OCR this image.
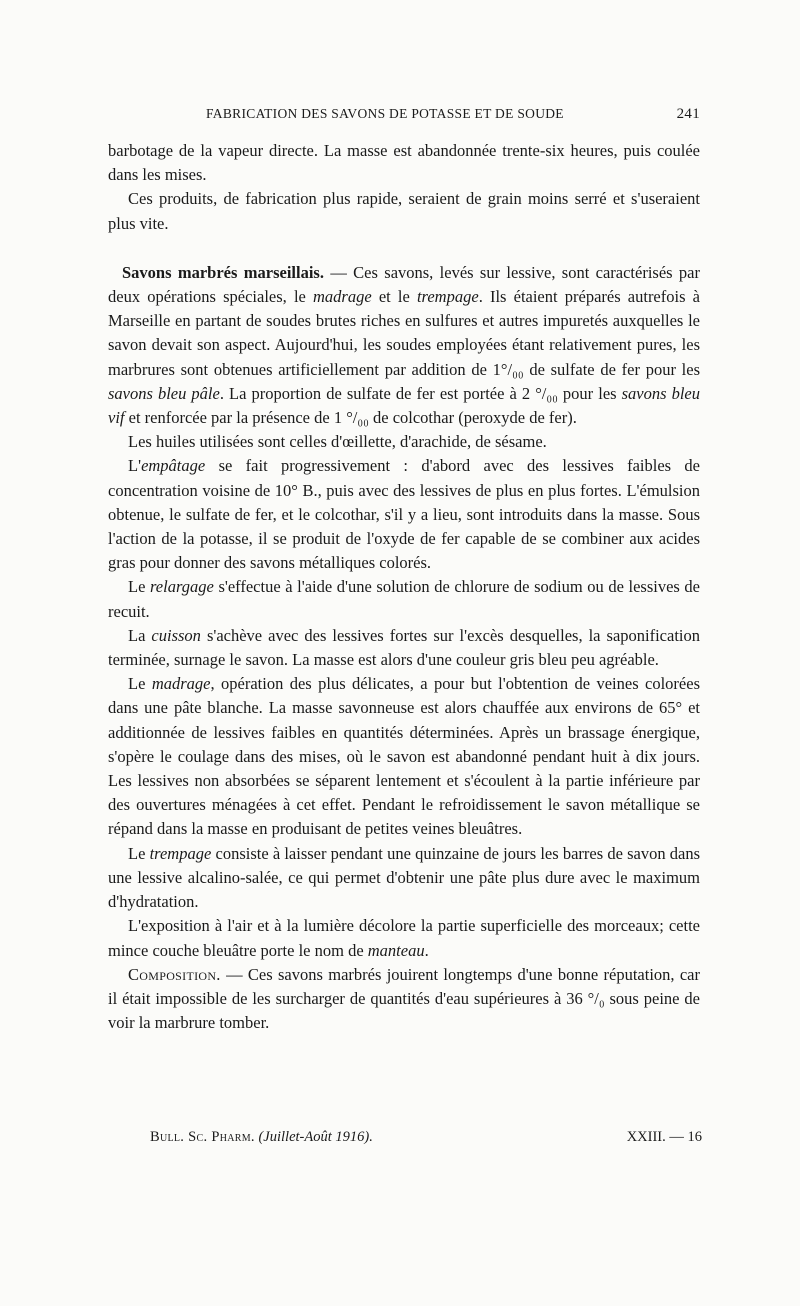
FABRICATION DES SAVONS DE POTASSE ET DE SOUDE	241

barbotage de la vapeur directe. La masse est abandonnée trente-six heures, puis coulée dans les mises.

Ces produits, de fabrication plus rapide, seraient de grain moins serré et s'useraient plus vite.

Savons marbrés marseillais. — Ces savons, levés sur lessive, sont caractérisés par deux opérations spéciales, le madrage et le trempage. Ils étaient préparés autrefois à Marseille en partant de soudes brutes riches en sulfures et autres impuretés auxquelles le savon devait son aspect. Aujourd'hui, les soudes employées étant relativement pures, les marbrures sont obtenues artificiellement par addition de 1°/₀₀ de sulfate de fer pour les savons bleu pâle. La proportion de sulfate de fer est portée à 2 °/₀₀ pour les savons bleu vif et renforcée par la présence de 1 °/₀₀ de colcothar (peroxyde de fer).

Les huiles utilisées sont celles d'œillette, d'arachide, de sésame.

L'empâtage se fait progressivement : d'abord avec des lessives faibles de concentration voisine de 10° B., puis avec des lessives de plus en plus fortes. L'émulsion obtenue, le sulfate de fer, et le colcothar, s'il y a lieu, sont introduits dans la masse. Sous l'action de la potasse, il se produit de l'oxyde de fer capable de se combiner aux acides gras pour donner des savons métalliques colorés.

Le relargage s'effectue à l'aide d'une solution de chlorure de sodium ou de lessives de recuit.

La cuisson s'achève avec des lessives fortes sur l'excès desquelles, la saponification terminée, surnage le savon. La masse est alors d'une couleur gris bleu peu agréable.

Le madrage, opération des plus délicates, a pour but l'obtention de veines colorées dans une pâte blanche. La masse savonneuse est alors chauffée aux environs de 65° et additionnée de lessives faibles en quantités déterminées. Après un brassage énergique, s'opère le coulage dans des mises, où le savon est abandonné pendant huit à dix jours. Les lessives non absorbées se séparent lentement et s'écoulent à la partie inférieure par des ouvertures ménagées à cet effet. Pendant le refroidissement le savon métallique se répand dans la masse en produisant de petites veines bleuâtres.

Le trempage consiste à laisser pendant une quinzaine de jours les barres de savon dans une lessive alcalino-salée, ce qui permet d'obtenir une pâte plus dure avec le maximum d'hydratation.

L'exposition à l'air et à la lumière décolore la partie superficielle des morceaux; cette mince couche bleuâtre porte le nom de manteau.

Composition. — Ces savons marbrés jouirent longtemps d'une bonne réputation, car il était impossible de les surcharger de quantités d'eau supérieures à 36 °/₀ sous peine de voir la marbrure tomber.

Bull. Sc. Pharm. (Juillet-Août 1916).	XXIII. — 16
